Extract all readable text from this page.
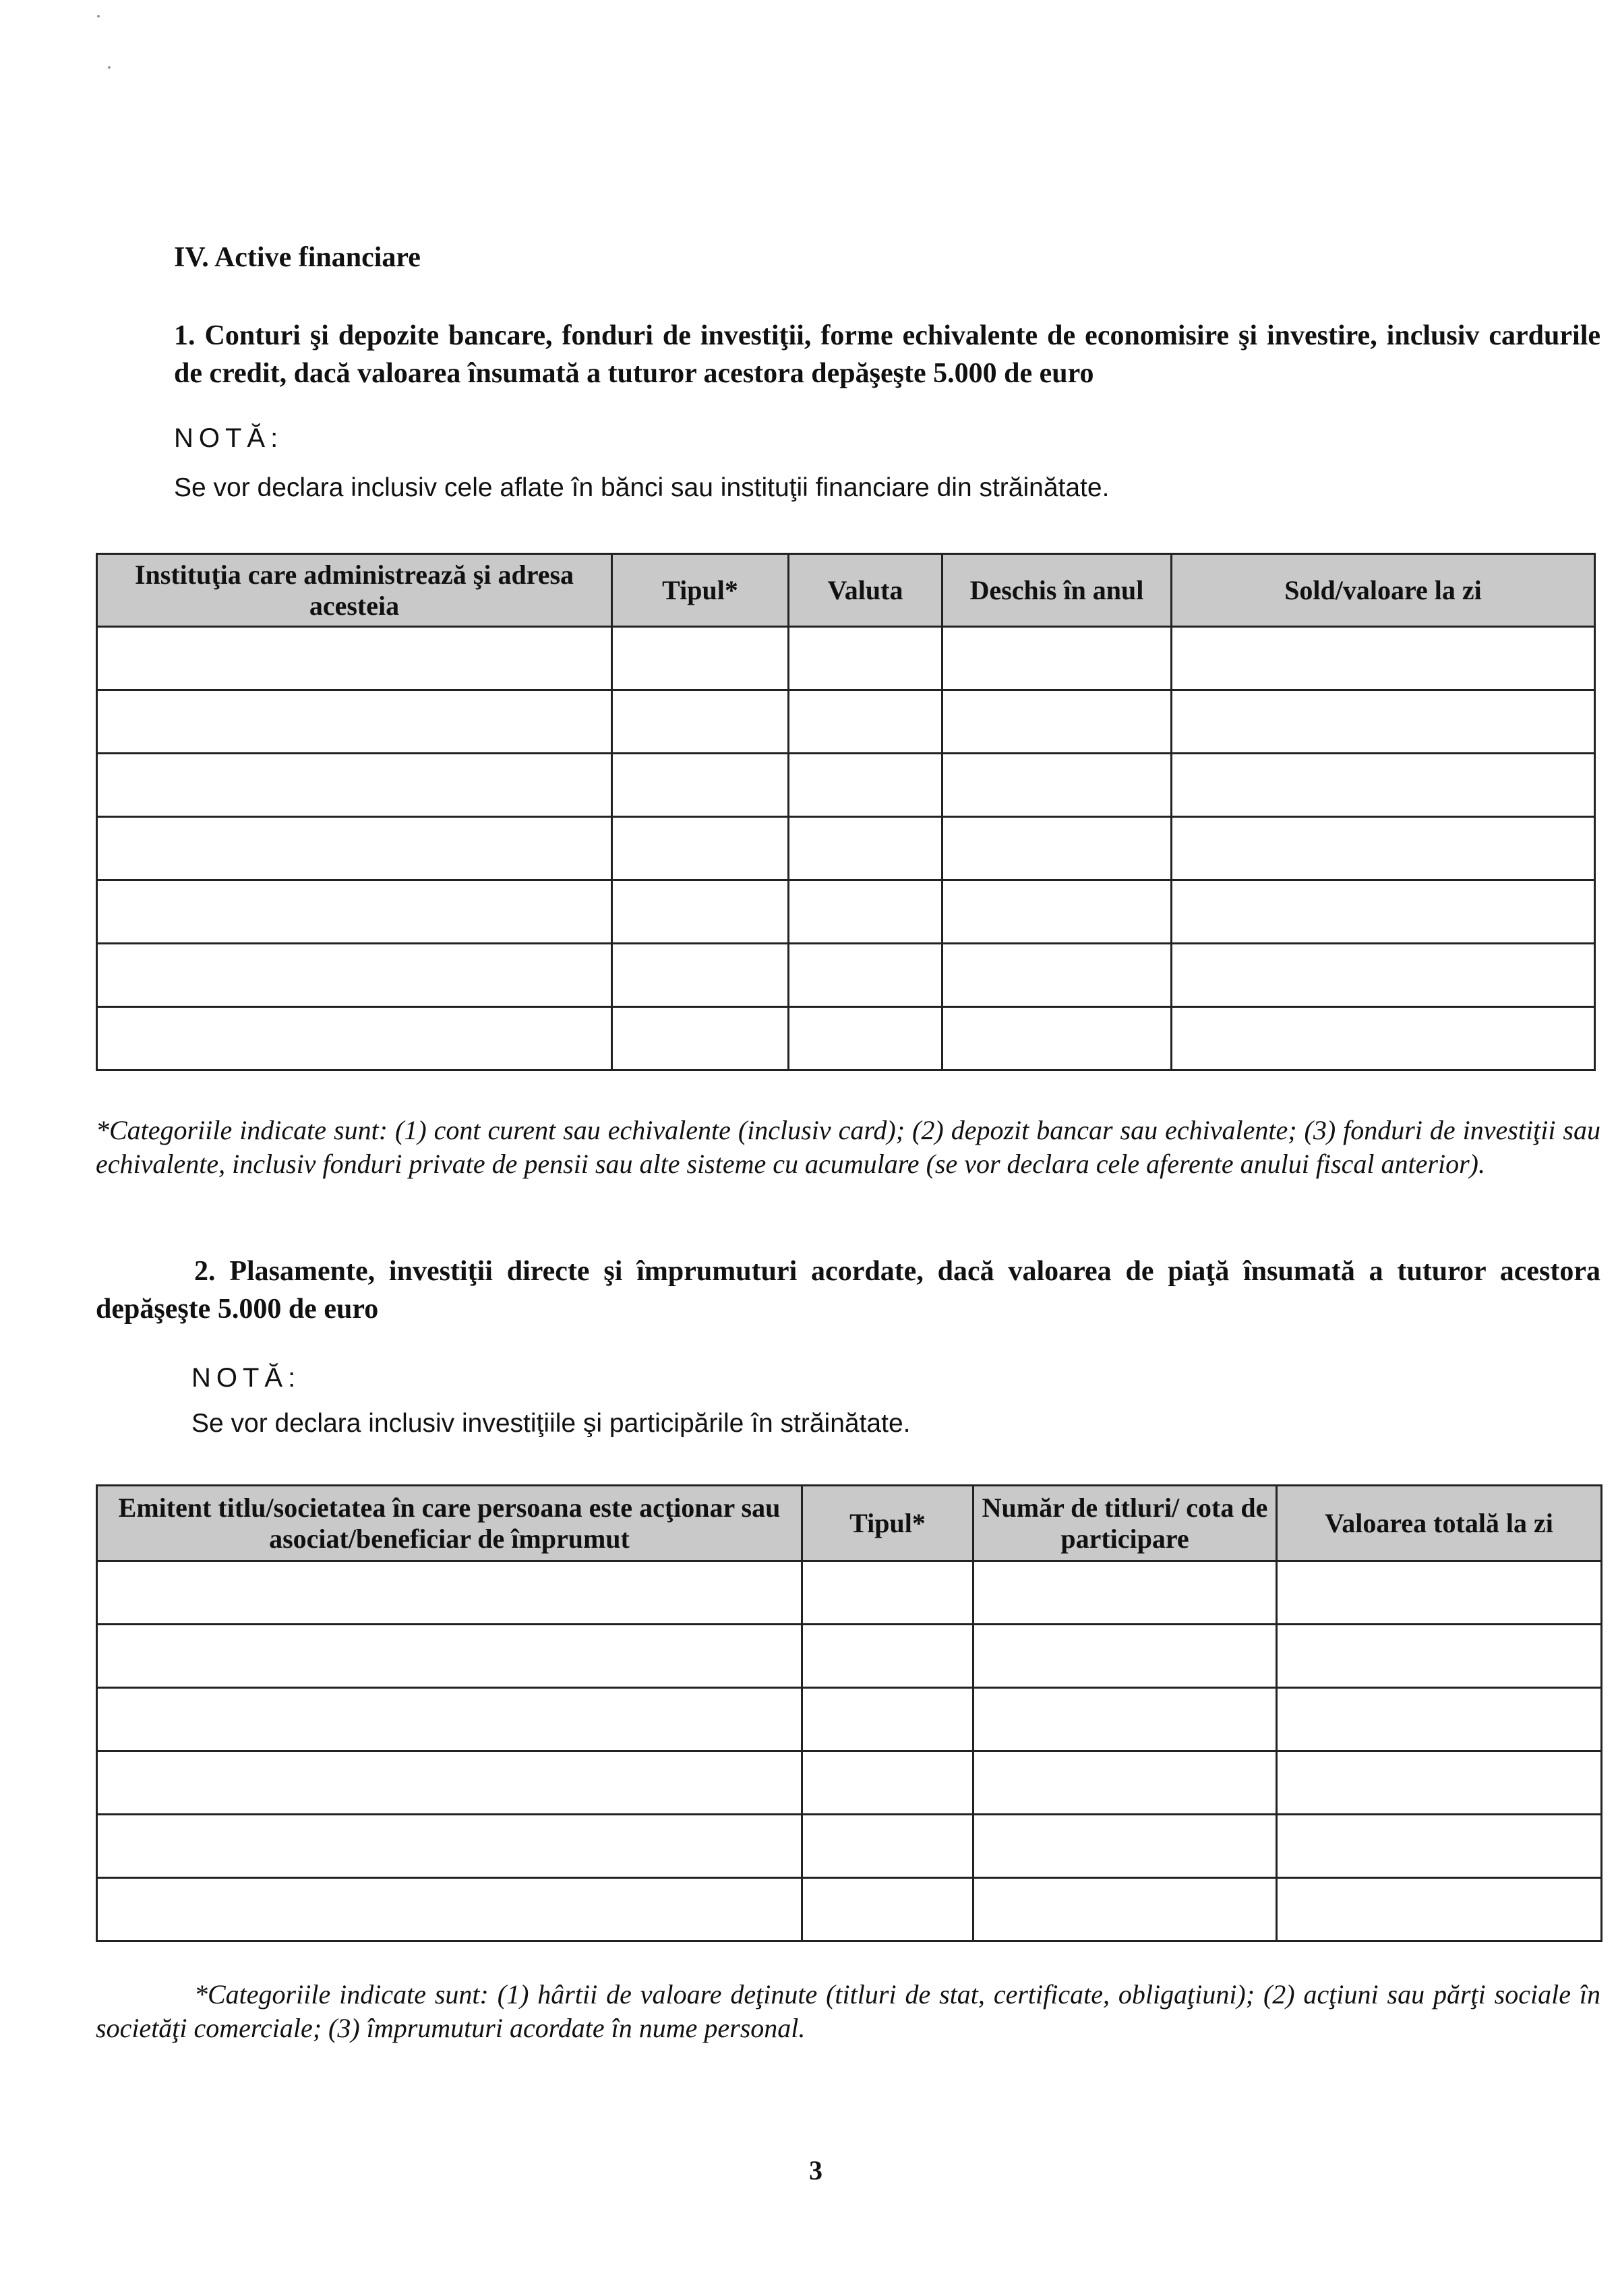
IV. Active financiare
1. Conturi şi depozite bancare, fonduri de investiţii, forme echivalente de economisire şi investire, inclusiv cardurile de credit, dacă valoarea însumată a tuturor acestora depăşeşte 5.000 de euro
NOTĂ:
Se vor declara inclusiv cele aflate în bănci sau instituţii financiare din străinătate.
Instituţia care administrează şi adresa acesteia	Tipul*	Valuta	Deschis în anul	Sold/valoare la zi

*Categoriile indicate sunt: (1) cont curent sau echivalente (inclusiv card); (2) depozit bancar sau echivalente; (3) fonduri de investiţii sau echivalente, inclusiv fonduri private de pensii sau alte sisteme cu acumulare (se vor declara cele aferente anului fiscal anterior).
2. Plasamente, investiţii directe şi împrumuturi acordate, dacă valoarea de piaţă însumată a tuturor acestora depăşeşte 5.000 de euro
NOTĂ:
Se vor declara inclusiv investiţiile şi participările în străinătate.
Emitent titlu/societatea în care persoana este acţionar sau asociat/beneficiar de împrumut	Tipul*	Număr de titluri/ cota de participare	Valoarea totală la zi

*Categoriile indicate sunt: (1) hârtii de valoare deţinute (titluri de stat, certificate, obligaţiuni); (2) acţiuni sau părţi sociale în societăţi comerciale; (3) împrumuturi acordate în nume personal.
3
